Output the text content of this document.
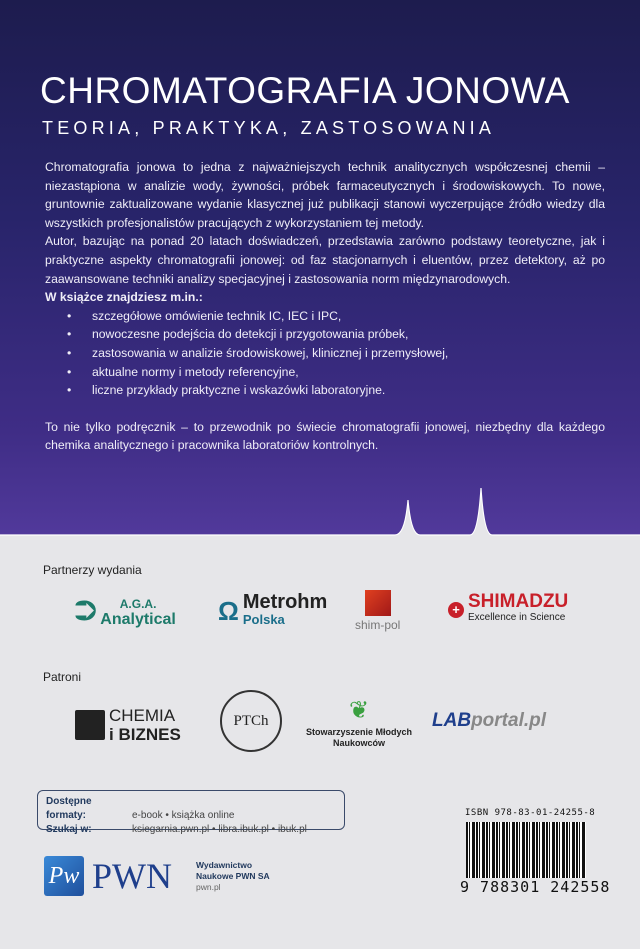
CHROMATOGRAFIA JONOWA
TEORIA, PRAKTYKA, ZASTOSOWANIA

Chromatografia jonowa to jedna z najważniejszych technik analitycznych współczesnej chemii – niezastąpiona w analizie wody, żywności, próbek farmaceutycznych i środowiskowych. To nowe, gruntownie zaktualizowane wydanie klasycznej już publikacji stanowi wyczerpujące źródło wiedzy dla wszystkich profesjonalistów pracujących z wykorzystaniem tej metody.

Autor, bazując na ponad 20 latach doświadczeń, przedstawia zarówno podstawy teoretyczne, jak i praktyczne aspekty chromatografii jonowej: od faz stacjonarnych i eluentów, przez detektory, aż po zaawansowane techniki analizy specjacyjnej i zastosowania norm międzynarodowych.

W książce znajdziesz m.in.:

• szczegółowe omówienie technik IC, IEC i IPC,
• nowoczesne podejścia do detekcji i przygotowania próbek,
• zastosowania w analizie środowiskowej, klinicznej i przemysłowej,
• aktualne normy i metody referencyjne,
• liczne przykłady praktyczne i wskazówki laboratoryjne.

To nie tylko podręcznik – to przewodnik po świecie chromatografii jonowej, niezbędny dla każdego chemika analitycznego i pracownika laboratoriów kontrolnych.

Partnerzy wydania
⮊	A.G.A.
Analytical Ω Metrohm
Polska	shim-pol
+ SHIMADZU
Excellence in Science
Patroni
CHEMIA
i BIZNES
PTCh	❦
Stowarzyszenie Młodych
Naukowców
LAB portal.pl
Dostępne formaty:	e-book • książka online
Szukaj w:	ksiegarnia.pwn.pl • libra.ibuk.pl • ibuk.pl
Pw PWN	Wydawnictwo
Naukowe PWN SA
pwn.pl
ISBN 978-83-01-24255-8
9 788301 242558
